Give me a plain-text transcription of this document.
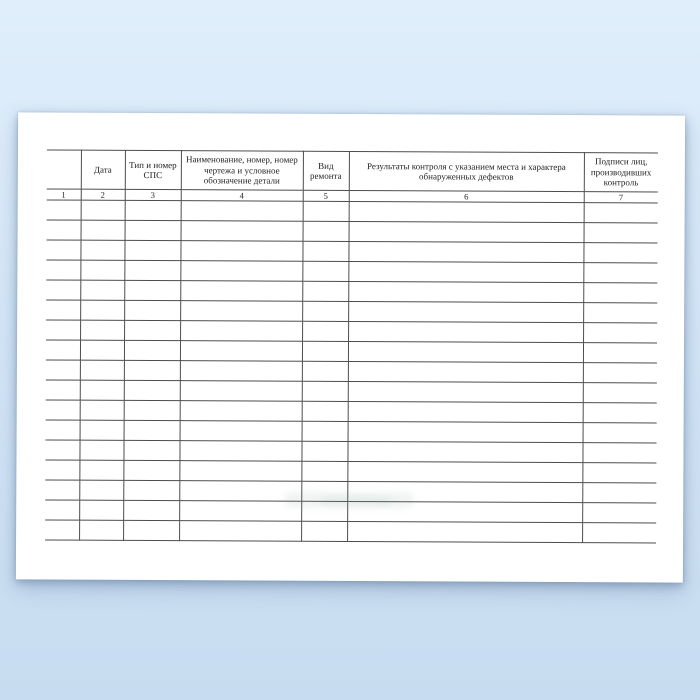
	Дата	Тип и номер СПС	Наименование, номер, номер чертежа и условное обозначение детали	Вид ремонта	Результаты контроля с указанием места и характера обнаруженных дефектов	Подписи лиц, производивших контроль
1	2	3	4	5	6	7
